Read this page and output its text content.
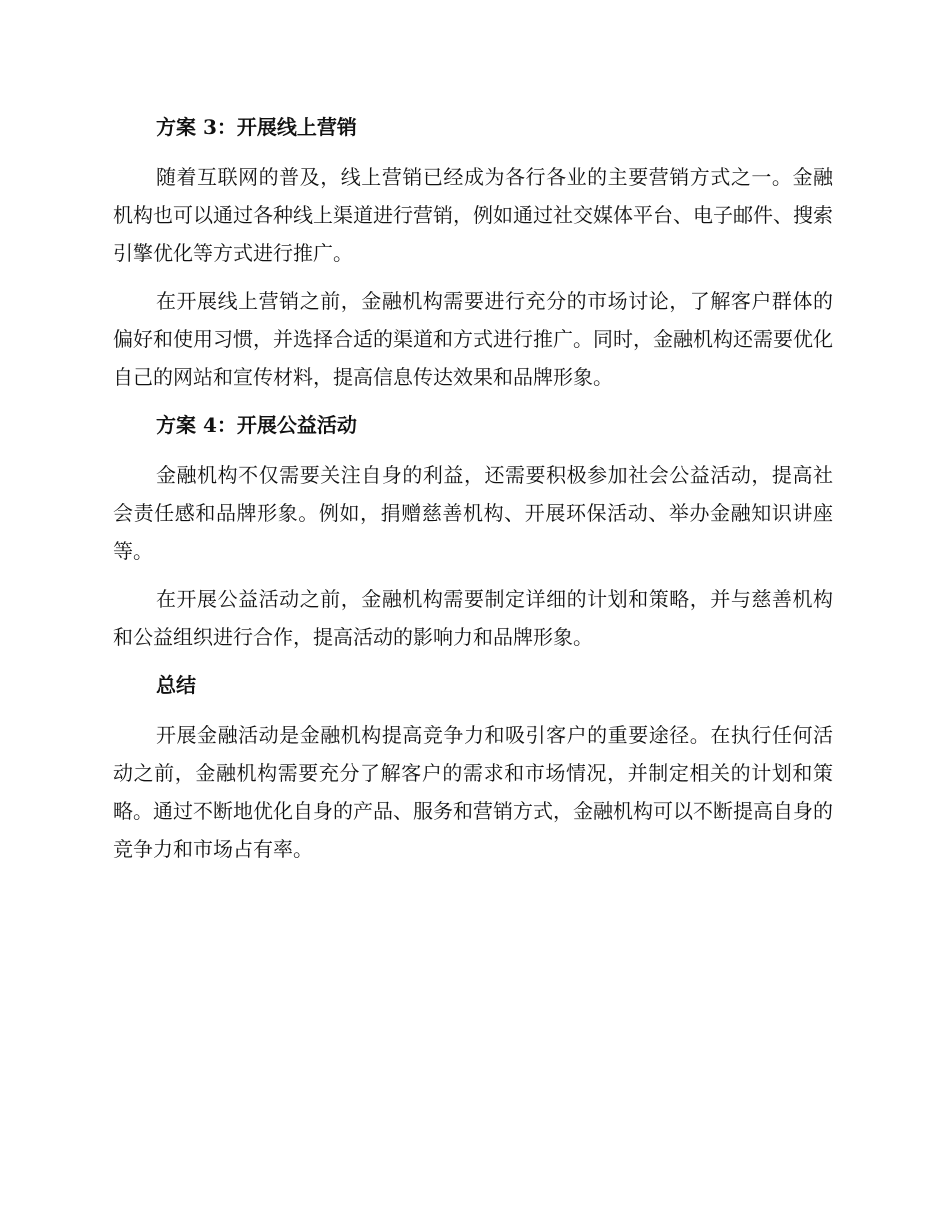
方案 3：开展线上营销

随着互联网的普及，线上营销已经成为各行各业的主要营销方式之一。金融机构也可以通过各种线上渠道进行营销，例如通过社交媒体平台、电子邮件、搜索引擎优化等方式进行推广。

在开展线上营销之前，金融机构需要进行充分的市场讨论，了解客户群体的偏好和使用习惯，并选择合适的渠道和方式进行推广。同时，金融机构还需要优化自己的网站和宣传材料，提高信息传达效果和品牌形象。

方案 4：开展公益活动

金融机构不仅需要关注自身的利益，还需要积极参加社会公益活动，提高社会责任感和品牌形象。例如，捐赠慈善机构、开展环保活动、举办金融知识讲座等。

在开展公益活动之前，金融机构需要制定详细的计划和策略，并与慈善机构和公益组织进行合作，提高活动的影响力和品牌形象。

总结

开展金融活动是金融机构提高竞争力和吸引客户的重要途径。在执行任何活动之前，金融机构需要充分了解客户的需求和市场情况，并制定相关的计划和策略。通过不断地优化自身的产品、服务和营销方式，金融机构可以不断提高自身的竞争力和市场占有率。
